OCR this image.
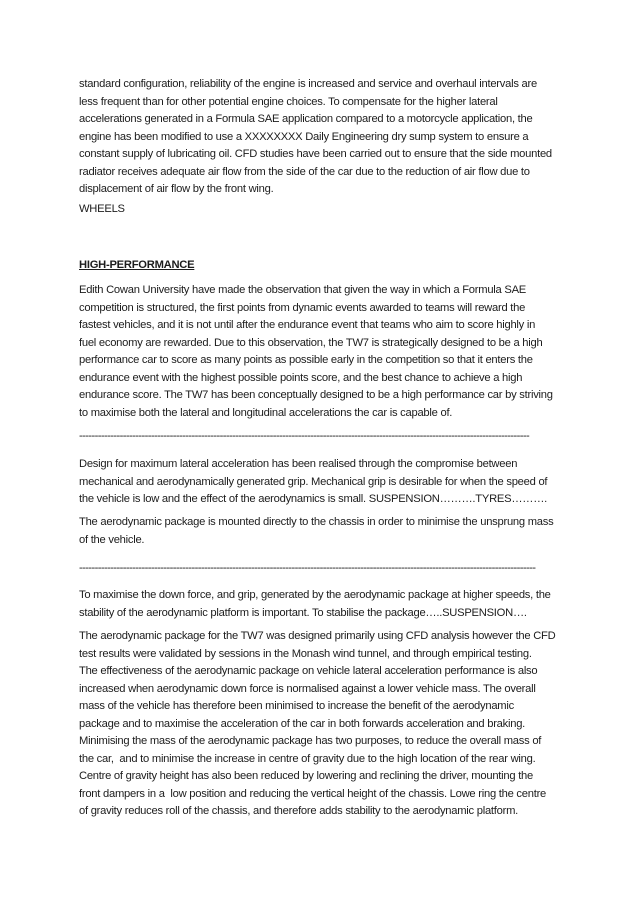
standard configuration, reliability of the engine is increased and service and overhaul intervals are
less frequent than for other potential engine choices. To compensate for the higher lateral
accelerations generated in a Formula SAE application compared to a motorcycle application, the
engine has been modified to use a XXXXXXXX Daily Engineering dry sump system to ensure a
constant supply of lubricating oil. CFD studies have been carried out to ensure that the side mounted
radiator receives adequate air flow from the side of the car due to the reduction of air flow due to
displacement of air flow by the front wing.

WHEELS

HIGH-PERFORMANCE

Edith Cowan University have made the observation that given the way in which a Formula SAE
competition is structured, the first points from dynamic events awarded to teams will reward the
fastest vehicles, and it is not until after the endurance event that teams who aim to score highly in
fuel economy are rewarded. Due to this observation, the TW7 is strategically designed to be a high
performance car to score as many points as possible early in the competition so that it enters the
endurance event with the highest possible points score, and the best chance to achieve a high
endurance score. The TW7 has been conceptually designed to be a high performance car by striving
to maximise both the lateral and longitudinal accelerations the car is capable of.

------------------------------------------------------------------------------------------------------------------------------------------------

Design for maximum lateral acceleration has been realised through the compromise between
mechanical and aerodynamically generated grip. Mechanical grip is desirable for when the speed of
the vehicle is low and the effect of the aerodynamics is small. SUSPENSION……….TYRES……….

The aerodynamic package is mounted directly to the chassis in order to minimise the unsprung mass
of the vehicle.

--------------------------------------------------------------------------------------------------------------------------------------------------

To maximise the down force, and grip, generated by the aerodynamic package at higher speeds, the
stability of the aerodynamic platform is important. To stabilise the package…..SUSPENSION….

The aerodynamic package for the TW7 was designed primarily using CFD analysis however the CFD
test results were validated by sessions in the Monash wind tunnel, and through empirical testing.
The effectiveness of the aerodynamic package on vehicle lateral acceleration performance is also
increased when aerodynamic down force is normalised against a lower vehicle mass. The overall
mass of the vehicle has therefore been minimised to increase the benefit of the aerodynamic
package and to maximise the acceleration of the car in both forwards acceleration and braking.
Minimising the mass of the aerodynamic package has two purposes, to reduce the overall mass of
the car,  and to minimise the increase in centre of gravity due to the high location of the rear wing.
Centre of gravity height has also been reduced by lowering and reclining the driver, mounting the
front dampers in a  low position and reducing the vertical height of the chassis. Lowe ring the centre
of gravity reduces roll of the chassis, and therefore adds stability to the aerodynamic platform.
